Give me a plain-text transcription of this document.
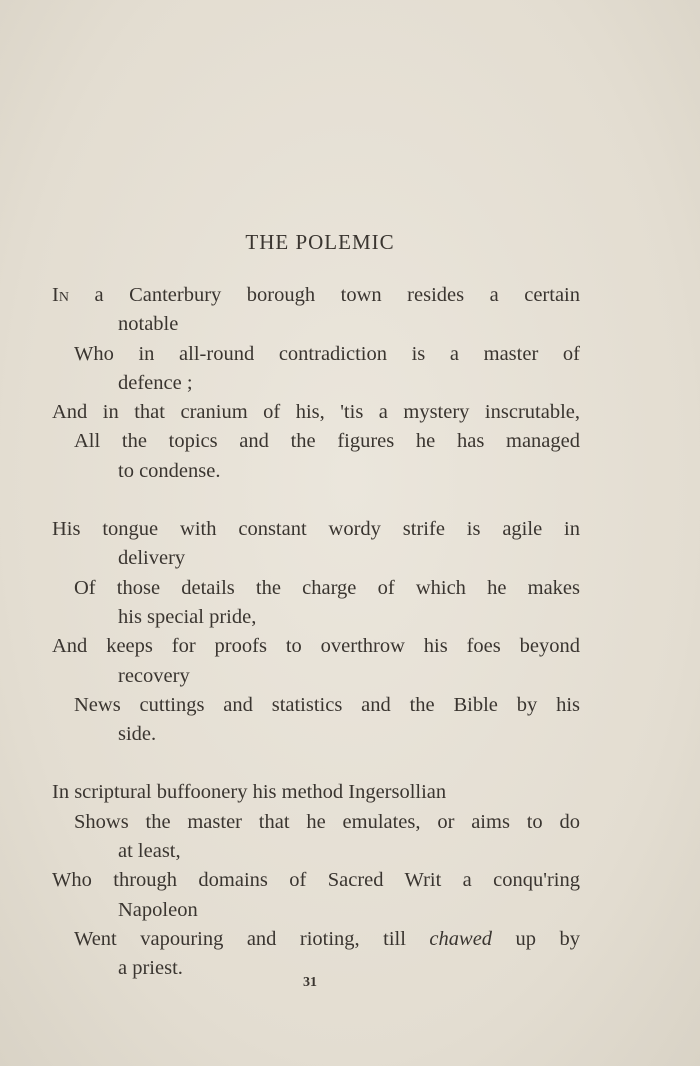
THE POLEMIC
In a Canterbury borough town resides a certain
notable
Who in all-round contradiction is a master of
defence ;
And in that cranium of his, 'tis a mystery inscrutable,
All the topics and the figures he has managed
to condense.
His tongue with constant wordy strife is agile in
delivery
Of those details the charge of which he makes
his special pride,
And keeps for proofs to overthrow his foes beyond
recovery
News cuttings and statistics and the Bible by his
side.
In scriptural buffoonery his method Ingersollian
Shows the master that he emulates, or aims to do
at least,
Who through domains of Sacred Writ a conqu'ring
Napoleon
Went vapouring and rioting, till chawed up by
a priest.
31
